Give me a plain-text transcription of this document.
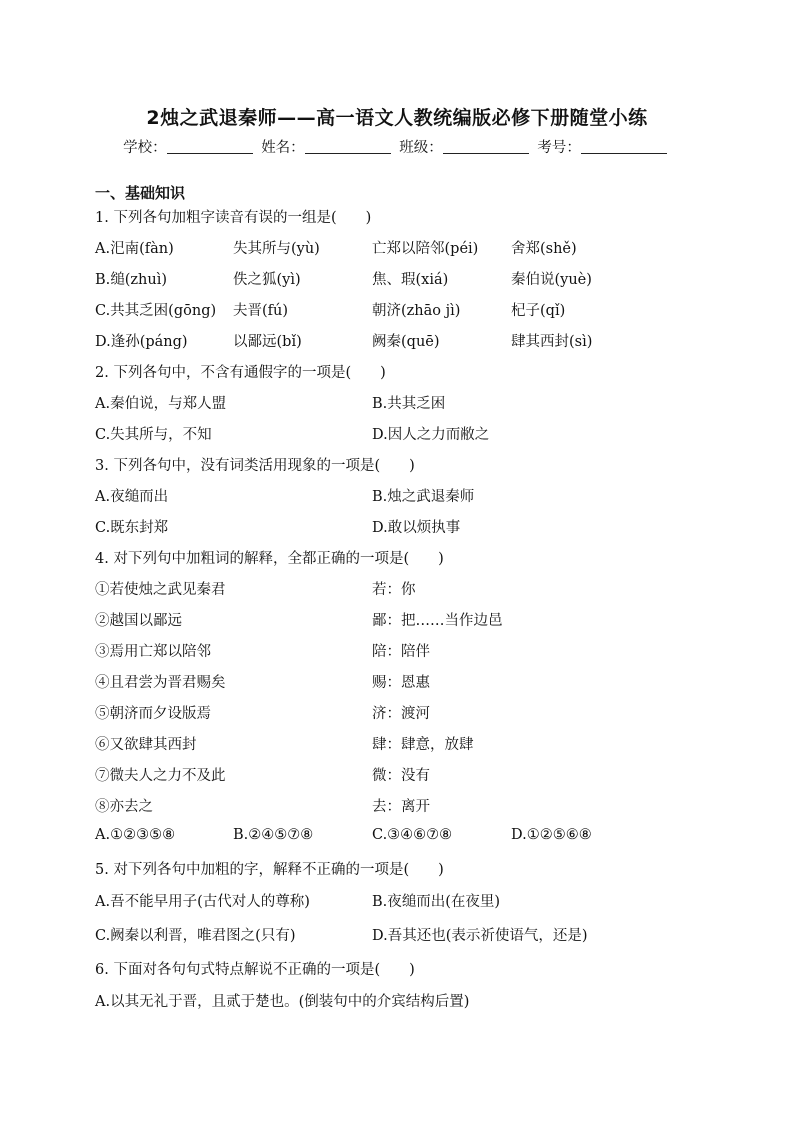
2烛之武退秦师——高一语文人教统编版必修下册随堂小练
学校：	姓名：	班级：	考号：
一、基础知识
1. 下列各句加粗字读音有误的一组是(　　)
A.汜南(fàn)	失其所与(yù)	亡郑以陪邻(péi) 舍郑(shě)
B.缒(zhuì)	佚之狐(yì)	焦、瑕(xiá)	秦伯说(yuè)
C.共其乏困(gōng) 夫晋(fú)	朝济(zhāo jì)	杞子(qǐ)
D.逢孙(páng)	以鄙远(bǐ)	阙秦(quē)	肆其西封(sì)
2. 下列各句中，不含有通假字的一项是(　　)
A.秦伯说，与郑人盟	B.共其乏困
C.失其所与，不知	D.因人之力而敝之
3. 下列各句中，没有词类活用现象的一项是(　　)
A.夜缒而出	B.烛之武退秦师
C.既东封郑	D.敢以烦执事
4. 对下列句中加粗词的解释，全都正确的一项是(　　)
①若使烛之武见秦君	若：你
②越国以鄙远	鄙：把……当作边邑
③焉用亡郑以陪邻	陪：陪伴
④且君尝为晋君赐矣	赐：恩惠
⑤朝济而夕设版焉	济：渡河
⑥又欲肆其西封	肆：肆意，放肆
⑦微夫人之力不及此	微：没有
⑧亦去之	去：离开
A.①②③⑤⑧	B.②④⑤⑦⑧	C.③④⑥⑦⑧	D.①②⑤⑥⑧
5. 对下列各句中加粗的字，解释不正确的一项是(　　)
A.吾不能早用子(古代对人的尊称)	B.夜缒而出(在夜里)
C.阙秦以利晋，唯君图之(只有)	D.吾其还也(表示祈使语气，还是)
6. 下面对各句句式特点解说不正确的一项是(　　)
A.以其无礼于晋，且贰于楚也。(倒装句中的介宾结构后置)
